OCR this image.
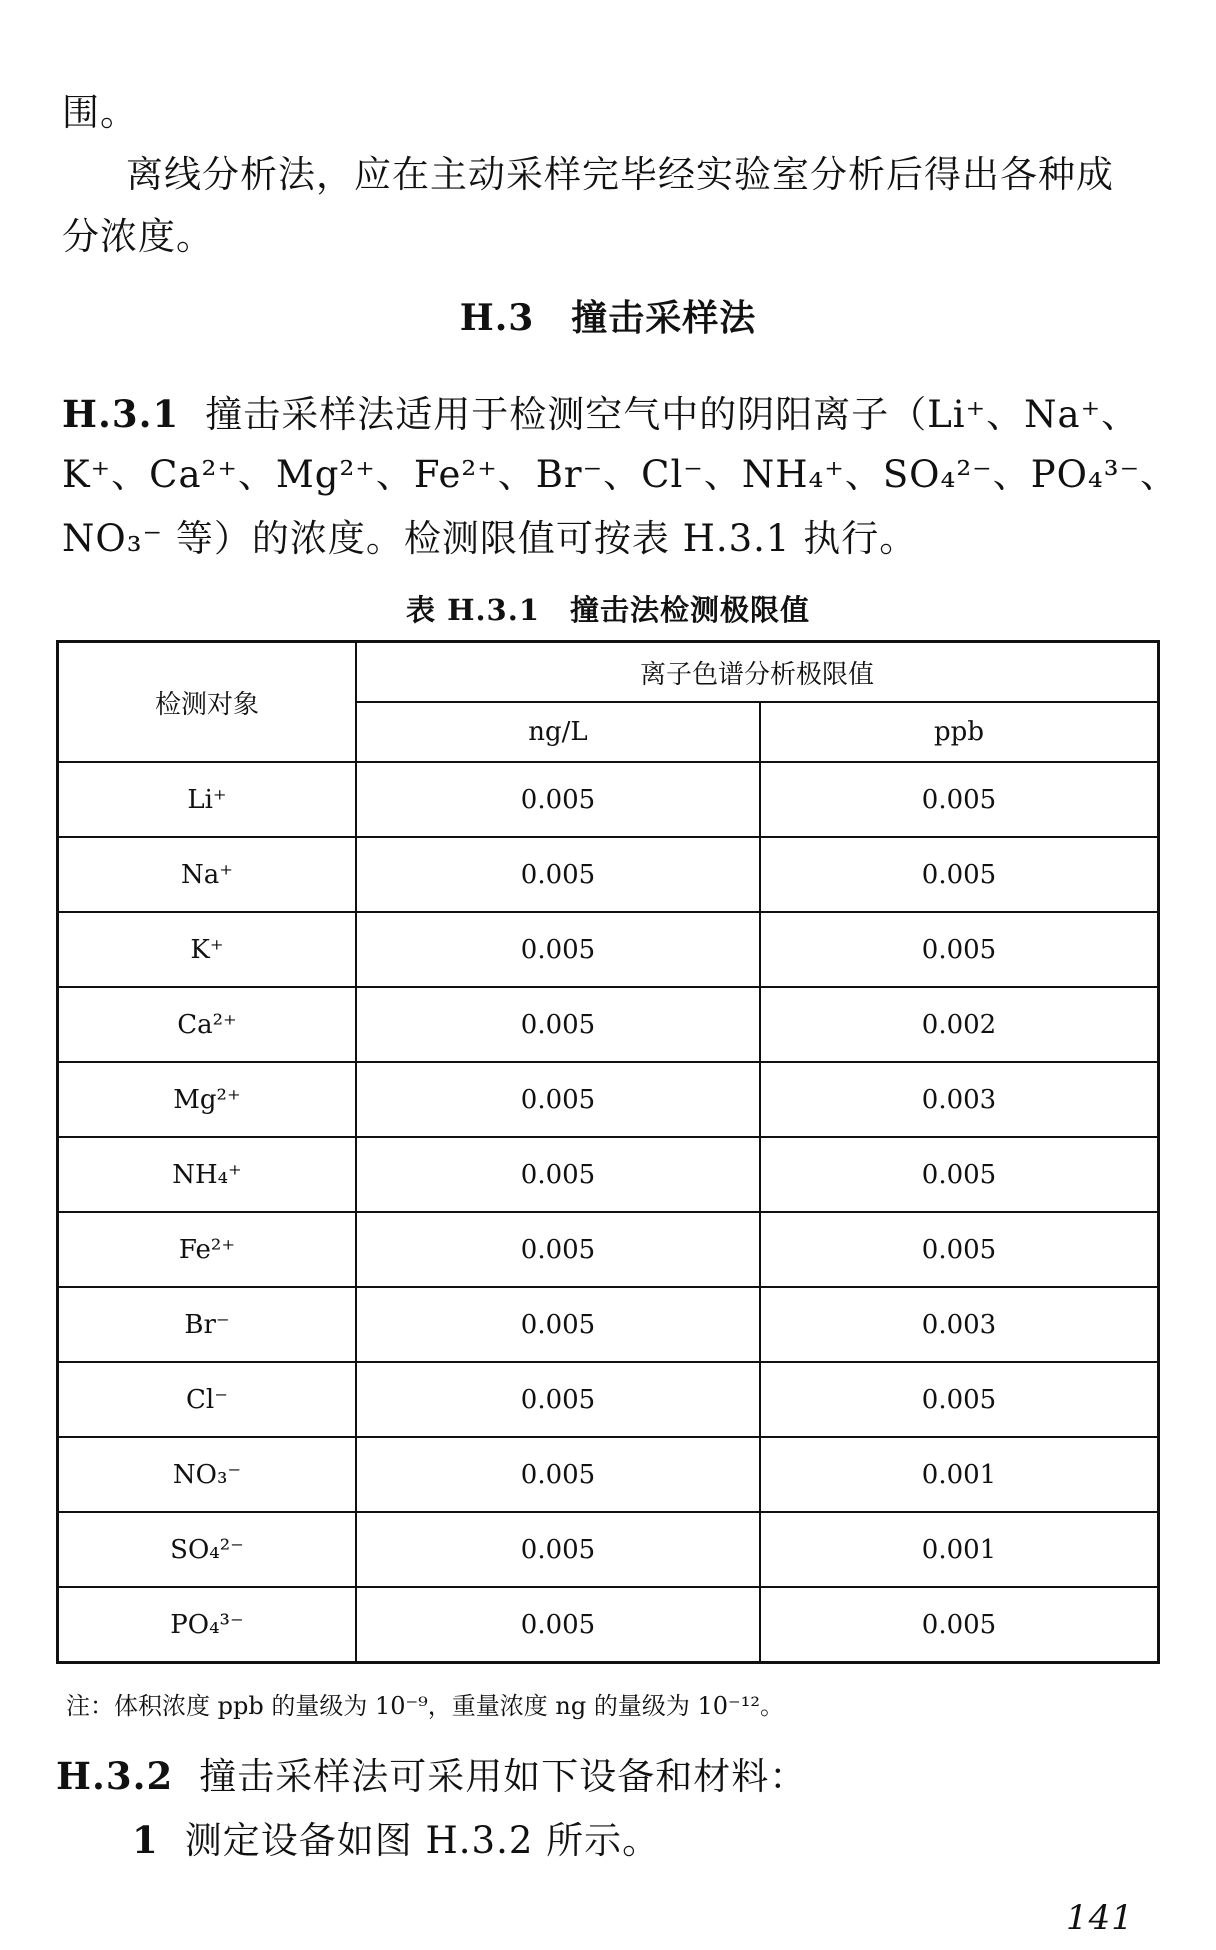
围。
离线分析法，应在主动采样完毕经实验室分析后得出各种成
分浓度。
H.3　撞击采样法
H.3.1 撞击采样法适用于检测空气中的阴阳离子（Li⁺、Na⁺、
K⁺、Ca²⁺、Mg²⁺、Fe²⁺、Br⁻、Cl⁻、NH₄⁺、SO₄²⁻、PO₄³⁻、
NO₃⁻ 等）的浓度。检测限值可按表 H.3.1 执行。
表 H.3.1　撞击法检测极限值
检测对象	离子色谱分析极限值	
	ng/L	ppb
Li⁺	0.005	0.005
Na⁺	0.005	0.005
K⁺	0.005	0.005
Ca²⁺	0.005	0.002
Mg²⁺	0.005	0.003
NH₄⁺	0.005	0.005
Fe²⁺	0.005	0.005
Br⁻	0.005	0.003
Cl⁻	0.005	0.005
NO₃⁻	0.005	0.001
SO₄²⁻	0.005	0.001
PO₄³⁻	0.005	0.005
注：体积浓度 ppb 的量级为 10⁻⁹，重量浓度 ng 的量级为 10⁻¹²。
H.3.2 撞击采样法可采用如下设备和材料：
1 测定设备如图 H.3.2 所示。
141
